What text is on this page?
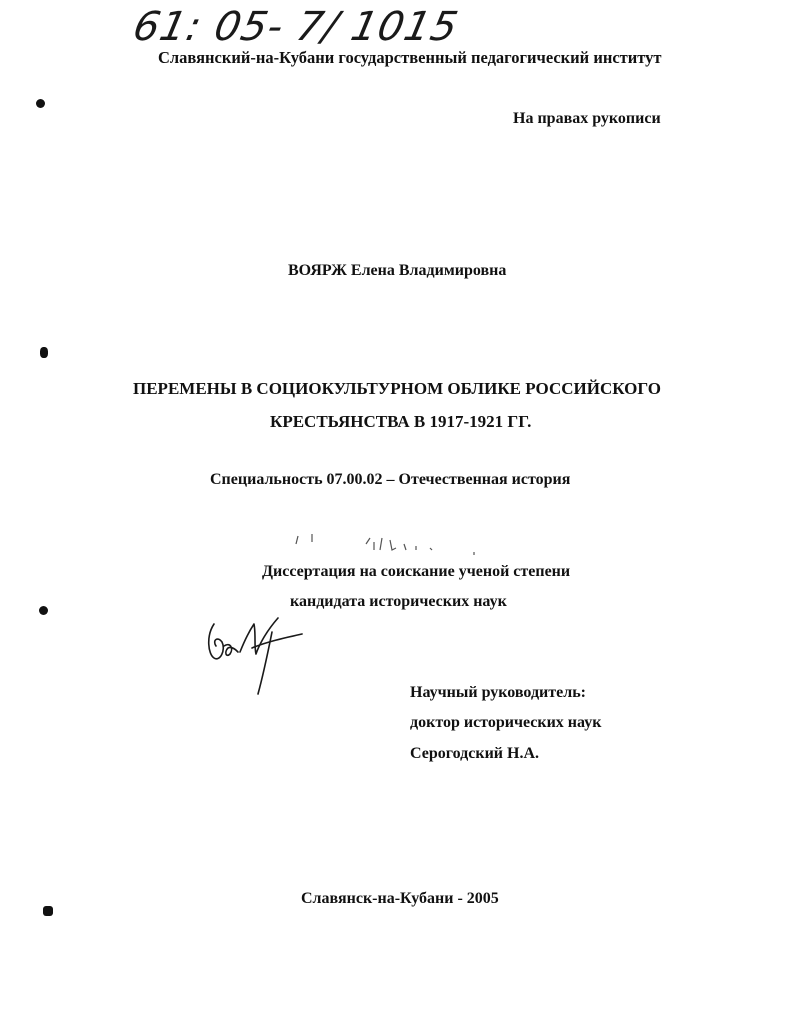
61: 05- 7/ 1015
Славянский-на-Кубани государственный педагогический институт
На правах рукописи
ВОЯРЖ Елена Владимировна
ПЕРЕМЕНЫ В СОЦИОКУЛЬТУРНОМ ОБЛИКЕ РОССИЙСКОГО
КРЕСТЬЯНСТВА В 1917-1921 ГГ.
Специальность 07.00.02 – Отечественная история
Диссертация на соискание ученой степени
кандидата исторических наук
Научный руководитель:
доктор исторических наук
Серогодский Н.А.
Славянск-на-Кубани - 2005
